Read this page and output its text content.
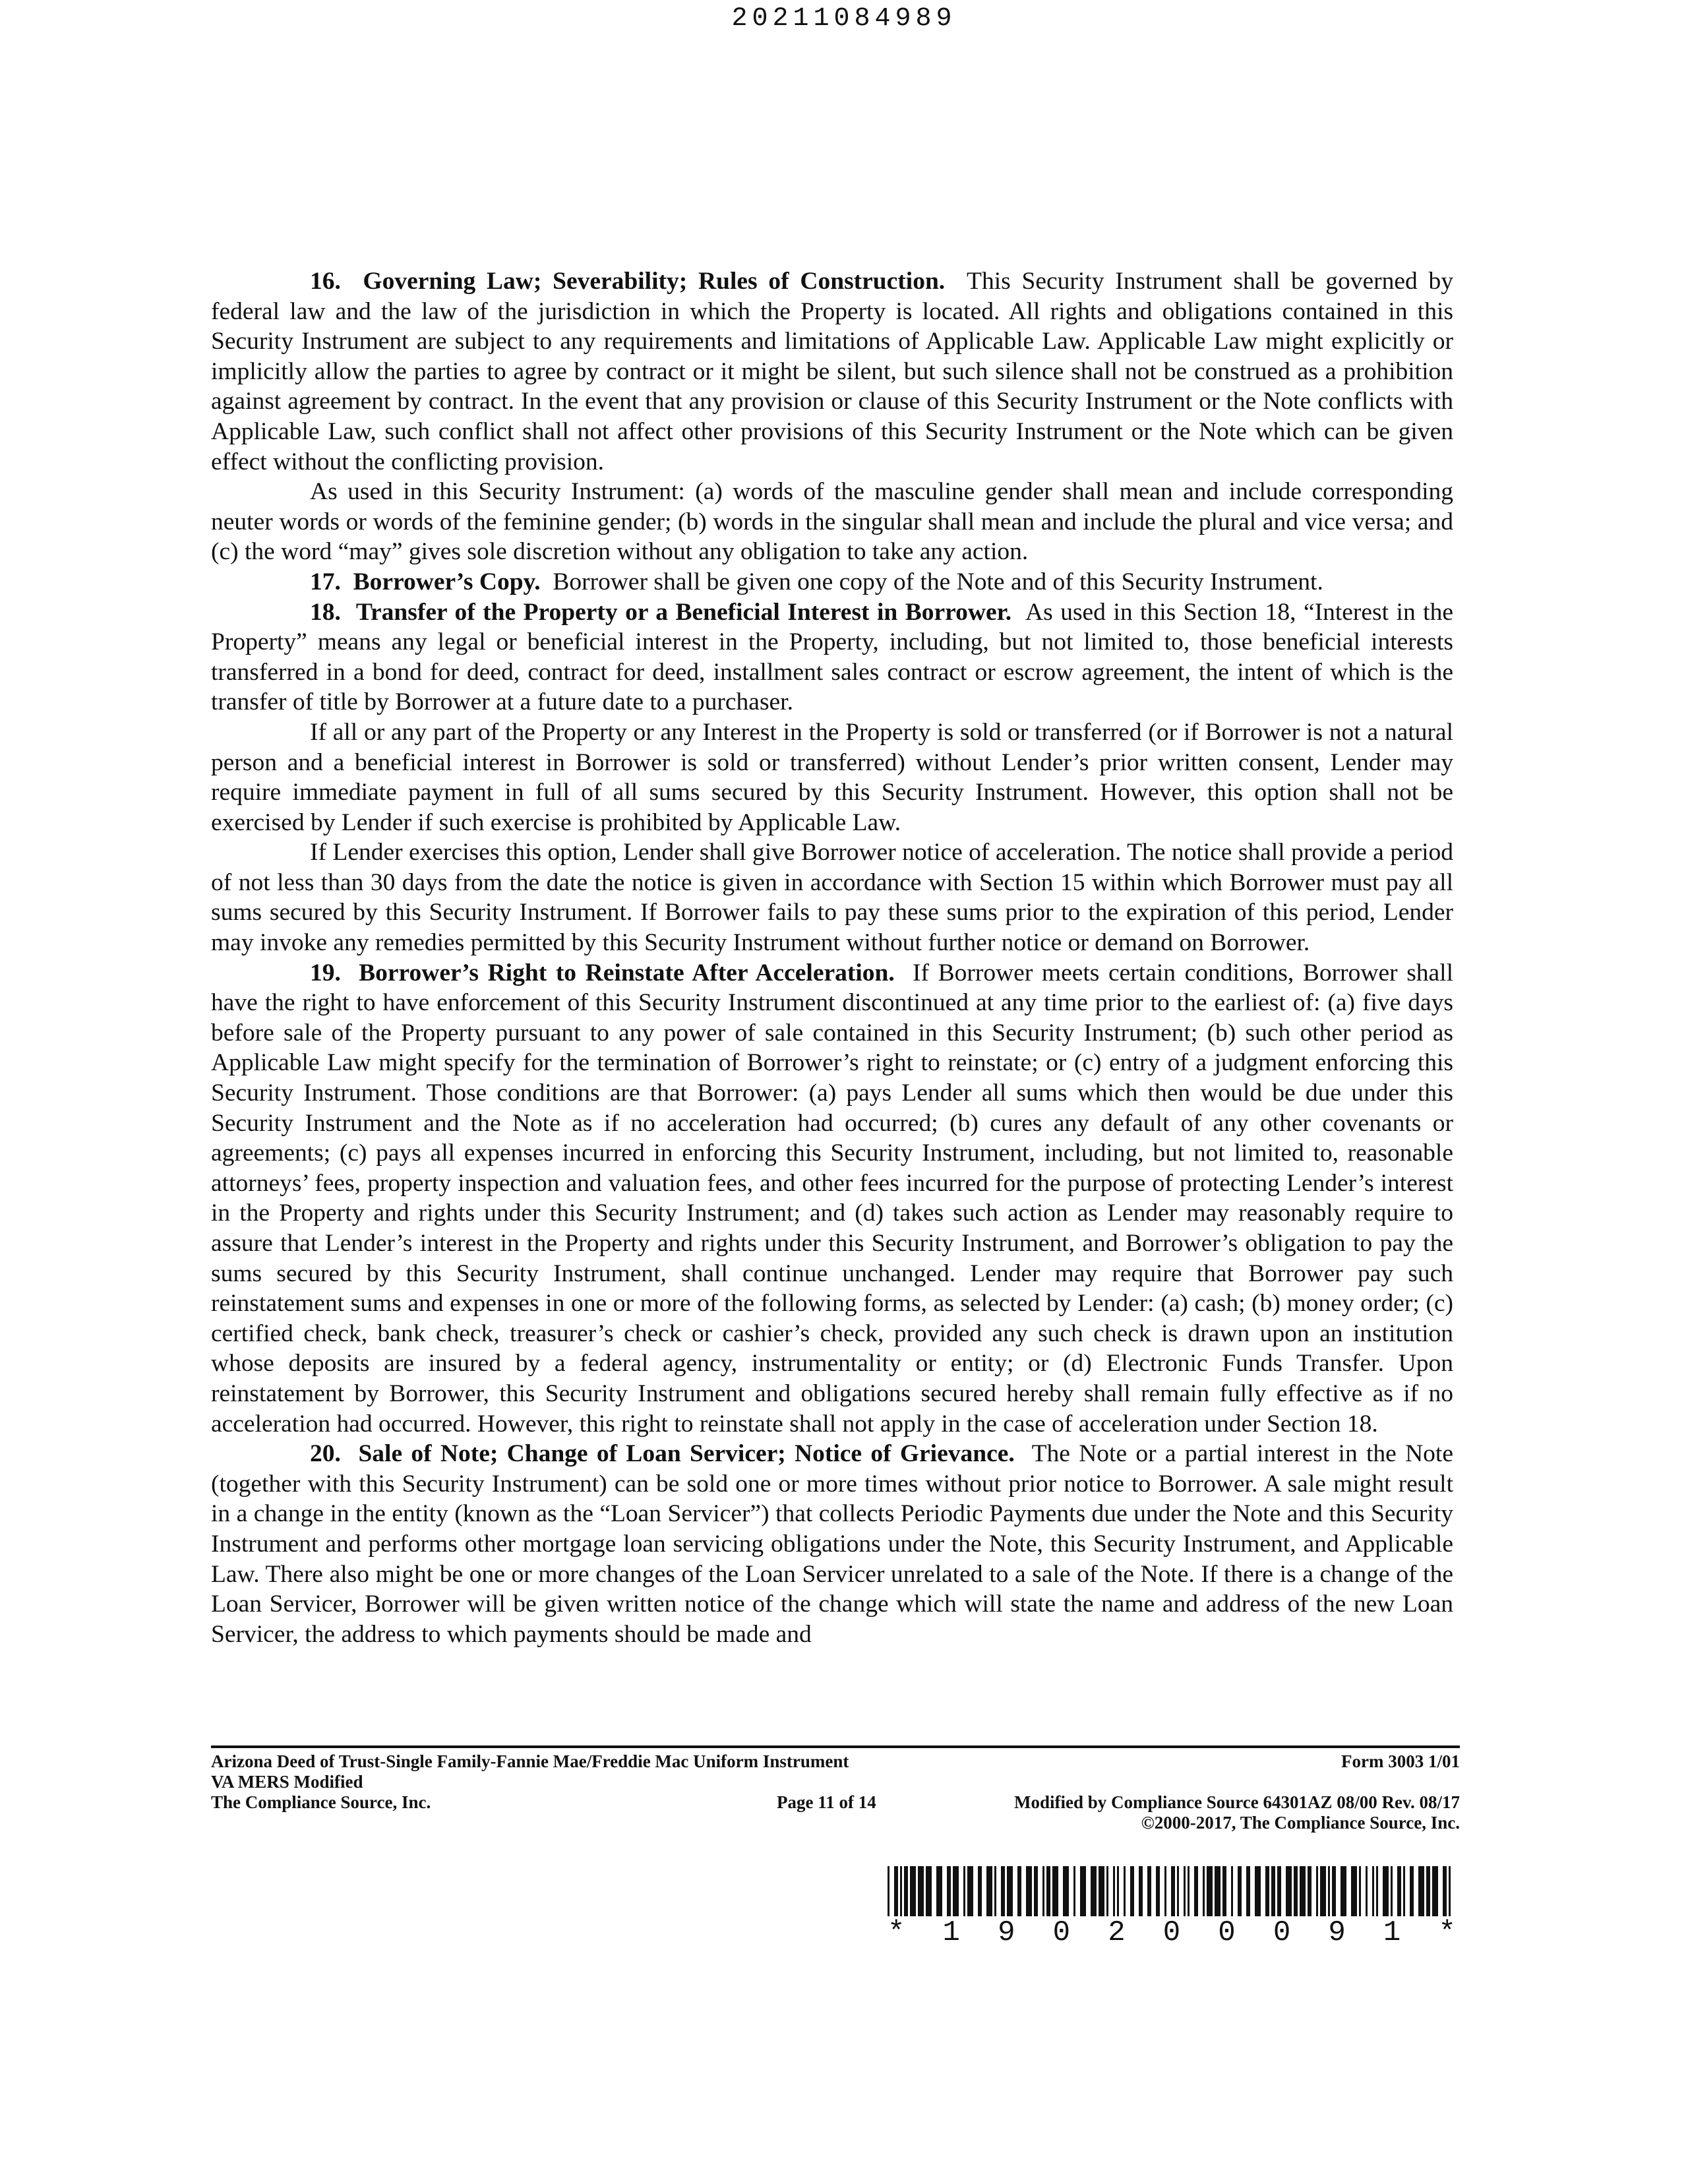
20211084989

16. Governing Law; Severability; Rules of Construction. This Security Instrument shall be governed by federal law and the law of the jurisdiction in which the Property is located. All rights and obligations contained in this Security Instrument are subject to any requirements and limitations of Applicable Law. Applicable Law might explicitly or implicitly allow the parties to agree by contract or it might be silent, but such silence shall not be construed as a prohibition against agreement by contract. In the event that any provision or clause of this Security Instrument or the Note conflicts with Applicable Law, such conflict shall not affect other provisions of this Security Instrument or the Note which can be given effect without the conflicting provision.

As used in this Security Instrument: (a) words of the masculine gender shall mean and include corresponding neuter words or words of the feminine gender; (b) words in the singular shall mean and include the plural and vice versa; and (c) the word “may” gives sole discretion without any obligation to take any action.

17. Borrower’s Copy. Borrower shall be given one copy of the Note and of this Security Instrument.

18. Transfer of the Property or a Beneficial Interest in Borrower. As used in this Section 18, “Interest in the Property” means any legal or beneficial interest in the Property, including, but not limited to, those beneficial interests transferred in a bond for deed, contract for deed, installment sales contract or escrow agreement, the intent of which is the transfer of title by Borrower at a future date to a purchaser.

If all or any part of the Property or any Interest in the Property is sold or transferred (or if Borrower is not a natural person and a beneficial interest in Borrower is sold or transferred) without Lender’s prior written consent, Lender may require immediate payment in full of all sums secured by this Security Instrument. However, this option shall not be exercised by Lender if such exercise is prohibited by Applicable Law.

If Lender exercises this option, Lender shall give Borrower notice of acceleration. The notice shall provide a period of not less than 30 days from the date the notice is given in accordance with Section 15 within which Borrower must pay all sums secured by this Security Instrument. If Borrower fails to pay these sums prior to the expiration of this period, Lender may invoke any remedies permitted by this Security Instrument without further notice or demand on Borrower.

19. Borrower’s Right to Reinstate After Acceleration. If Borrower meets certain conditions, Borrower shall have the right to have enforcement of this Security Instrument discontinued at any time prior to the earliest of: (a) five days before sale of the Property pursuant to any power of sale contained in this Security Instrument; (b) such other period as Applicable Law might specify for the termination of Borrower’s right to reinstate; or (c) entry of a judgment enforcing this Security Instrument. Those conditions are that Borrower: (a) pays Lender all sums which then would be due under this Security Instrument and the Note as if no acceleration had occurred; (b) cures any default of any other covenants or agreements; (c) pays all expenses incurred in enforcing this Security Instrument, including, but not limited to, reasonable attorneys’ fees, property inspection and valuation fees, and other fees incurred for the purpose of protecting Lender’s interest in the Property and rights under this Security Instrument; and (d) takes such action as Lender may reasonably require to assure that Lender’s interest in the Property and rights under this Security Instrument, and Borrower’s obligation to pay the sums secured by this Security Instrument, shall continue unchanged. Lender may require that Borrower pay such reinstatement sums and expenses in one or more of the following forms, as selected by Lender: (a) cash; (b) money order; (c) certified check, bank check, treasurer’s check or cashier’s check, provided any such check is drawn upon an institution whose deposits are insured by a federal agency, instrumentality or entity; or (d) Electronic Funds Transfer. Upon reinstatement by Borrower, this Security Instrument and obligations secured hereby shall remain fully effective as if no acceleration had occurred. However, this right to reinstate shall not apply in the case of acceleration under Section 18.

20. Sale of Note; Change of Loan Servicer; Notice of Grievance. The Note or a partial interest in the Note (together with this Security Instrument) can be sold one or more times without prior notice to Borrower. A sale might result in a change in the entity (known as the “Loan Servicer”) that collects Periodic Payments due under the Note and this Security Instrument and performs other mortgage loan servicing obligations under the Note, this Security Instrument, and Applicable Law. There also might be one or more changes of the Loan Servicer unrelated to a sale of the Note. If there is a change of the Loan Servicer, Borrower will be given written notice of the change which will state the name and address of the new Loan Servicer, the address to which payments should be made and

Arizona Deed of Trust-Single Family-Fannie Mae/Freddie Mac Uniform Instrument	Form 3003 1/01
VA MERS Modified
The Compliance Source, Inc.	Page 11 of 14	Modified by Compliance Source 64301AZ 08/00 Rev. 08/17
©2000-2017, The Compliance Source, Inc.
* 1 9 0 2 0 0 0 9 1 *
